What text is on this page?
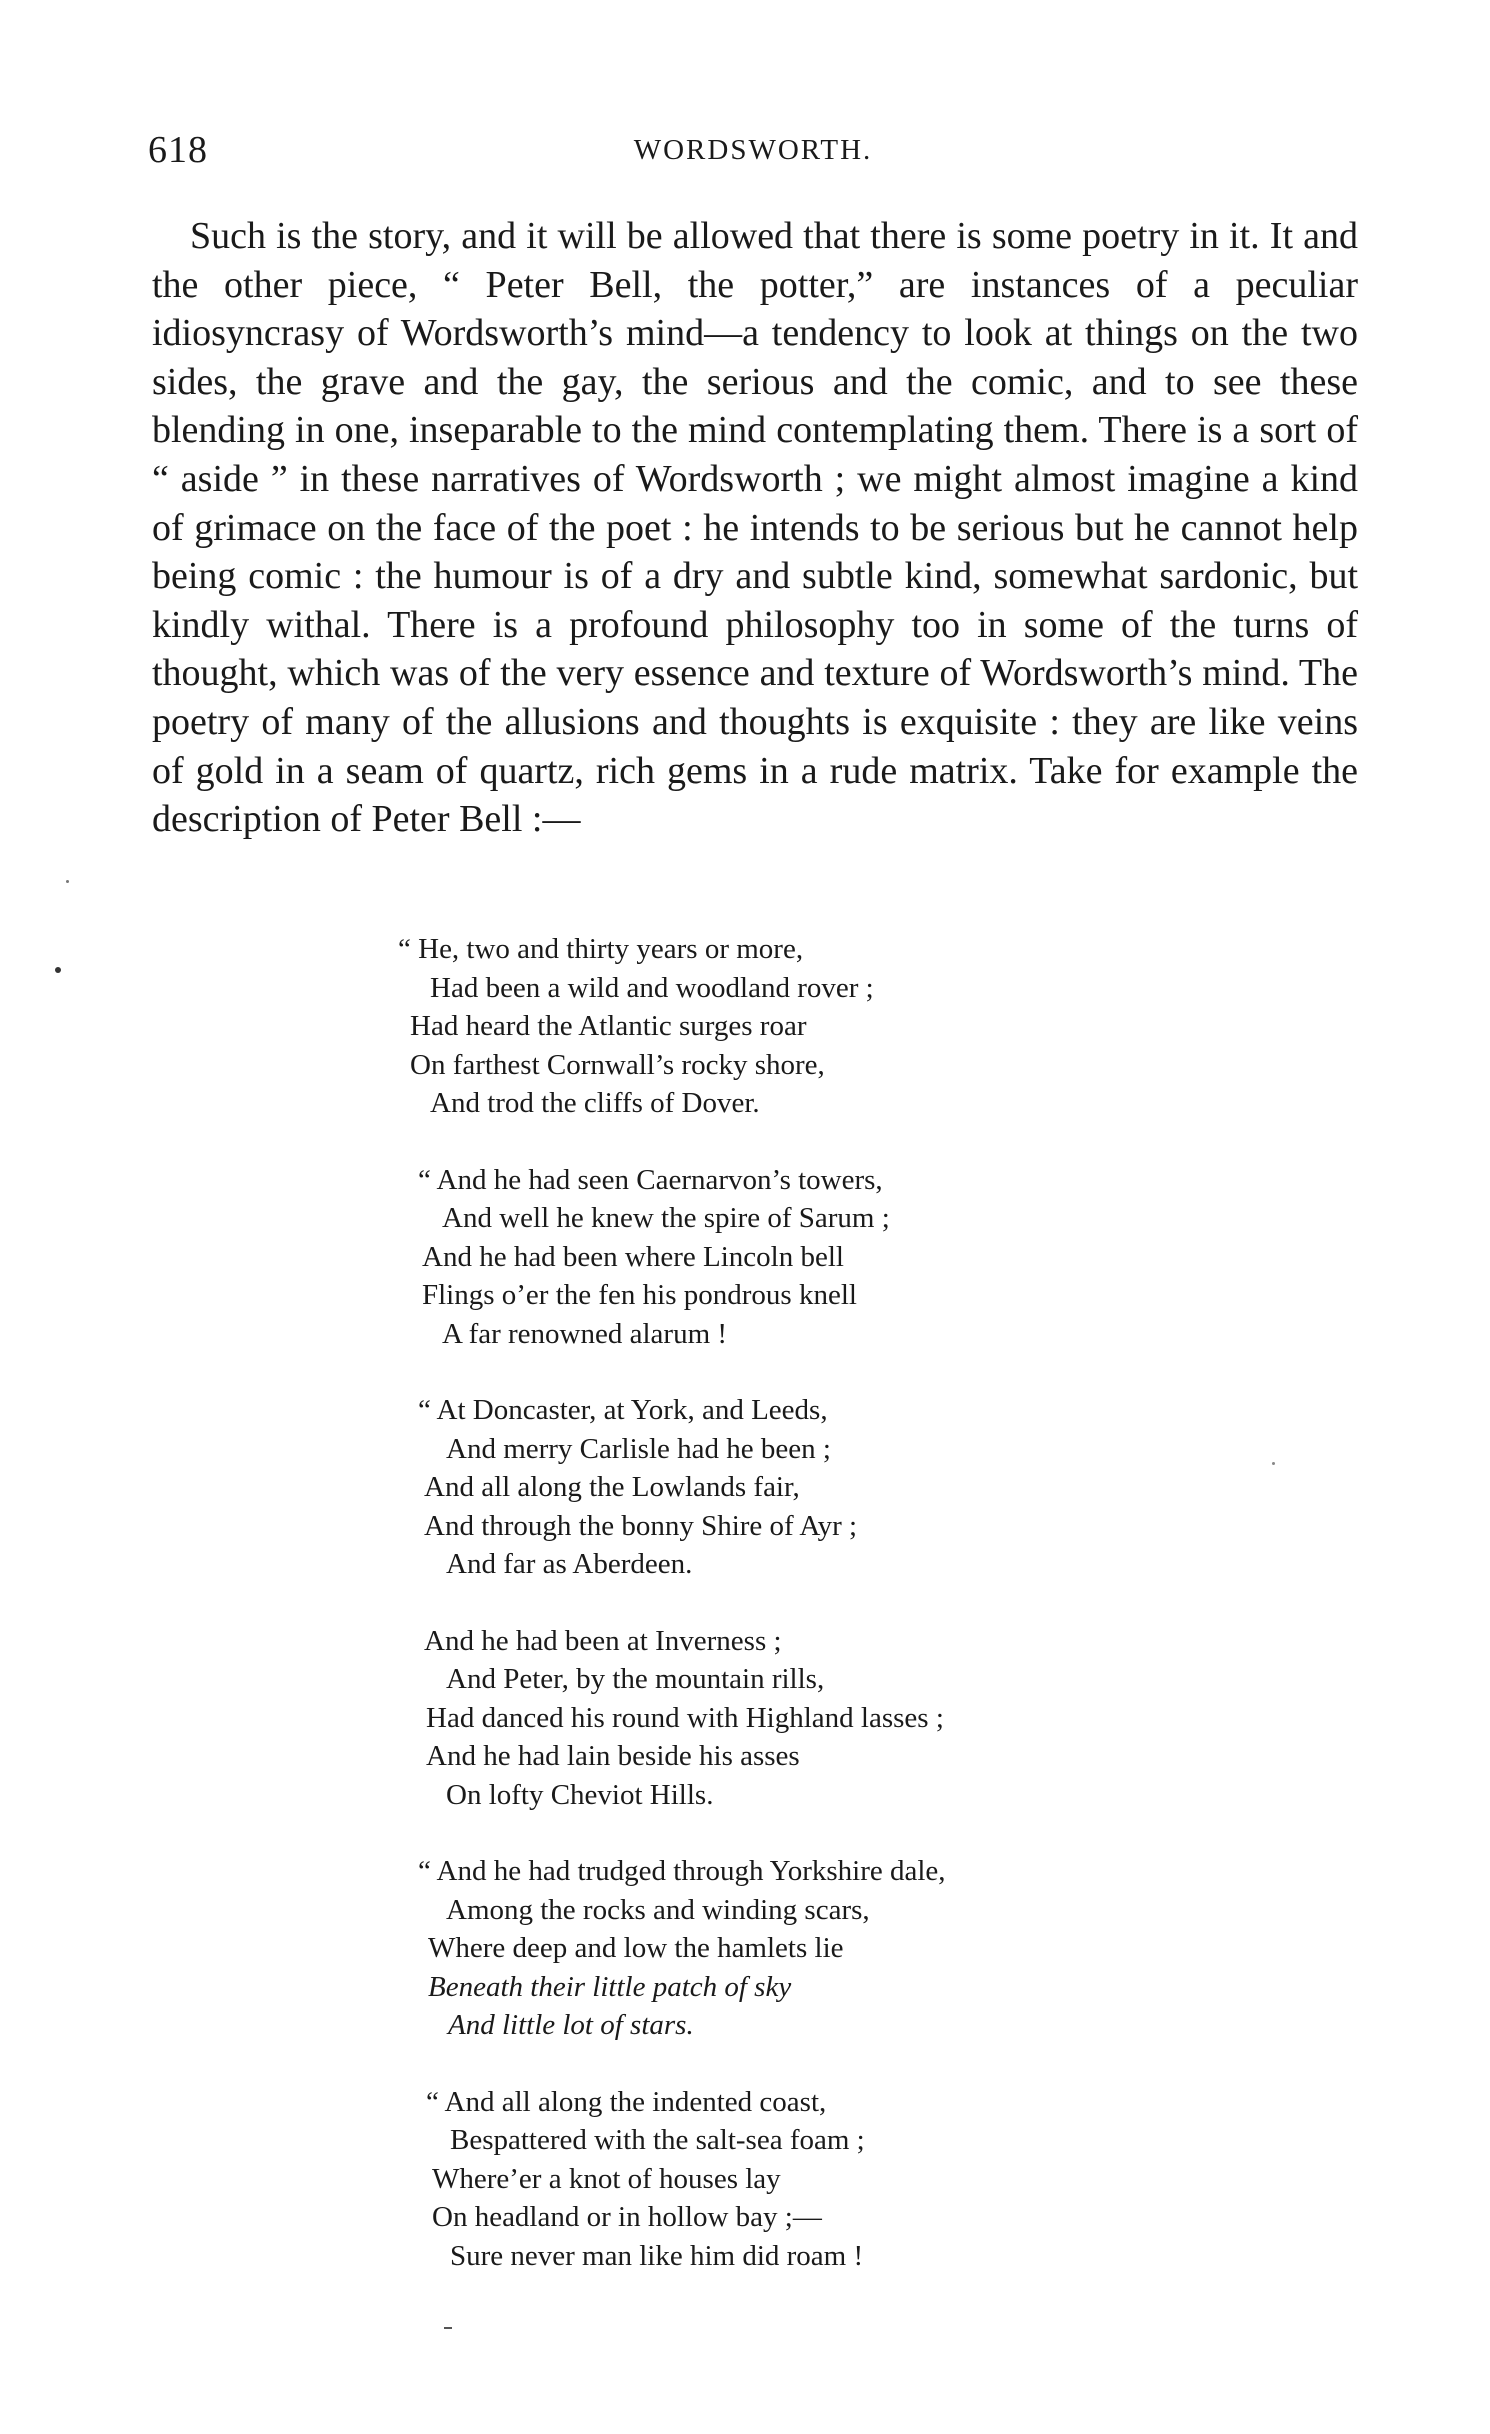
618	WORDSWORTH.

Such is the story, and it will be allowed that there is some poetry in it. It and the other piece, “ Peter Bell, the potter,” are instances of a peculiar idiosyncrasy of Wordsworth’s mind—a tendency to look at things on the two sides, the grave and the gay, the serious and the comic, and to see these blending in one, inseparable to the mind contemplating them. There is a sort of “ aside ” in these narratives of Wordsworth ; we might almost imagine a kind of grimace on the face of the poet : he intends to be serious but he cannot help being comic : the humour is of a dry and subtle kind, somewhat sardonic, but kindly withal. There is a profound philosophy too in some of the turns of thought, which was of the very essence and texture of Wordsworth’s mind. The poetry of many of the allusions and thoughts is exquisite : they are like veins of gold in a seam of quartz, rich gems in a rude matrix. Take for example the description of Peter Bell :—

“ He, two and thirty years or more,
Had been a wild and woodland rover ;
Had heard the Atlantic surges roar
On farthest Cornwall’s rocky shore,
And trod the cliffs of Dover.
“ And he had seen Caernarvon’s towers,
And well he knew the spire of Sarum ;
And he had been where Lincoln bell
Flings o’er the fen his pondrous knell
A far renowned alarum !
“ At Doncaster, at York, and Leeds,
And merry Carlisle had he been ;
And all along the Lowlands fair,
And through the bonny Shire of Ayr ;
And far as Aberdeen.
And he had been at Inverness ;
And Peter, by the mountain rills,
Had danced his round with Highland lasses ;
And he had lain beside his asses
On lofty Cheviot Hills.
“ And he had trudged through Yorkshire dale,
Among the rocks and winding scars,
Where deep and low the hamlets lie
Beneath their little patch of sky
And little lot of stars.
“ And all along the indented coast,
Bespattered with the salt-sea foam ;
Where’er a knot of houses lay
On headland or in hollow bay ;—
Sure never man like him did roam !
